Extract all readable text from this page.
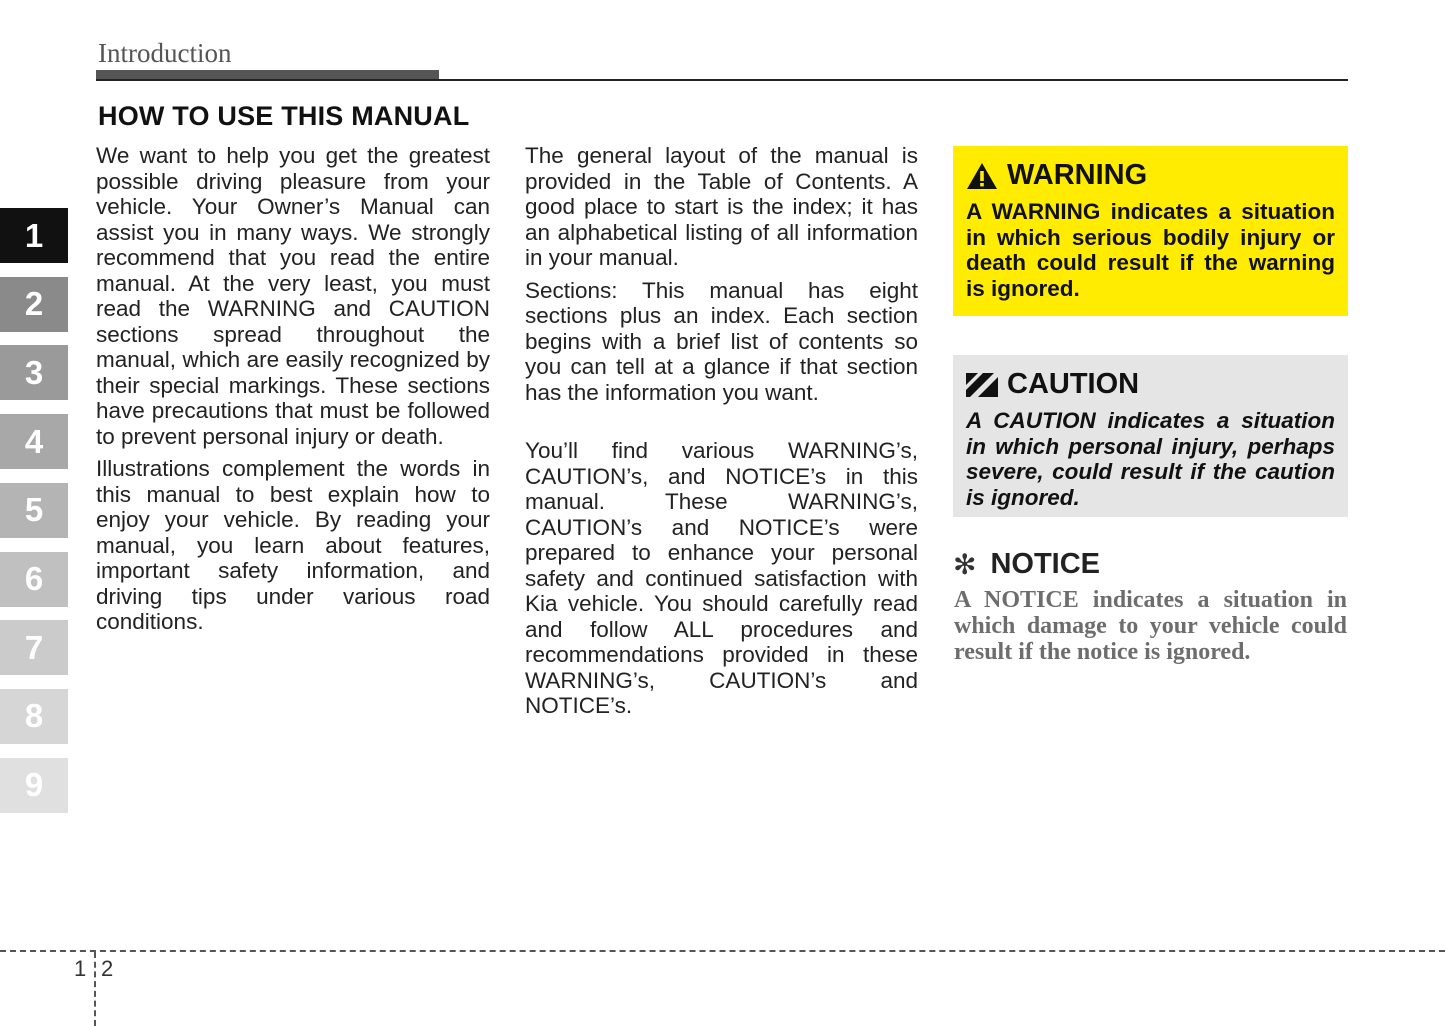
Introduction
HOW TO USE THIS MANUAL
1
2
3
4
5
6
7
8
9

We want to help you get the greatest possible driving pleasure from your vehicle. Your Owner’s Manual can assist you in many ways. We strongly recommend that you read the entire manual. At the very least, you must read the WARNING and CAUTION sections spread throughout the manual, which are easily recognized by their special markings. These sections have precautions that must be followed to prevent personal injury or death.

Illustrations complement the words in this manual to best explain how to enjoy your vehicle. By reading your manual, you learn about features, important safety information, and driving tips under various road conditions.

The general layout of the manual is provided in the Table of Contents. A good place to start is the index; it has an alphabetical listing of all information in your manual.

Sections: This manual has eight sections plus an index. Each section begins with a brief list of contents so you can tell at a glance if that section has the information you want.

You’ll find various WARNING’s, CAUTION’s, and NOTICE’s in this manual. These WARNING’s, CAUTION’s and NOTICE’s were prepared to enhance your personal safety and continued satisfaction with Kia vehicle. You should carefully read and follow ALL procedures and recommendations provided in these WARNING’s, CAUTION’s and NOTICE’s.

WARNING
A WARNING indicates a situation in which serious bodily injury or death could result if the warning is ignored.
CAUTION
A CAUTION indicates a situation in which personal injury, perhaps severe, could result if the caution is ignored.
✻ NOTICE
A NOTICE indicates a situation in which damage to your vehicle could result if the notice is ignored.
1 2
